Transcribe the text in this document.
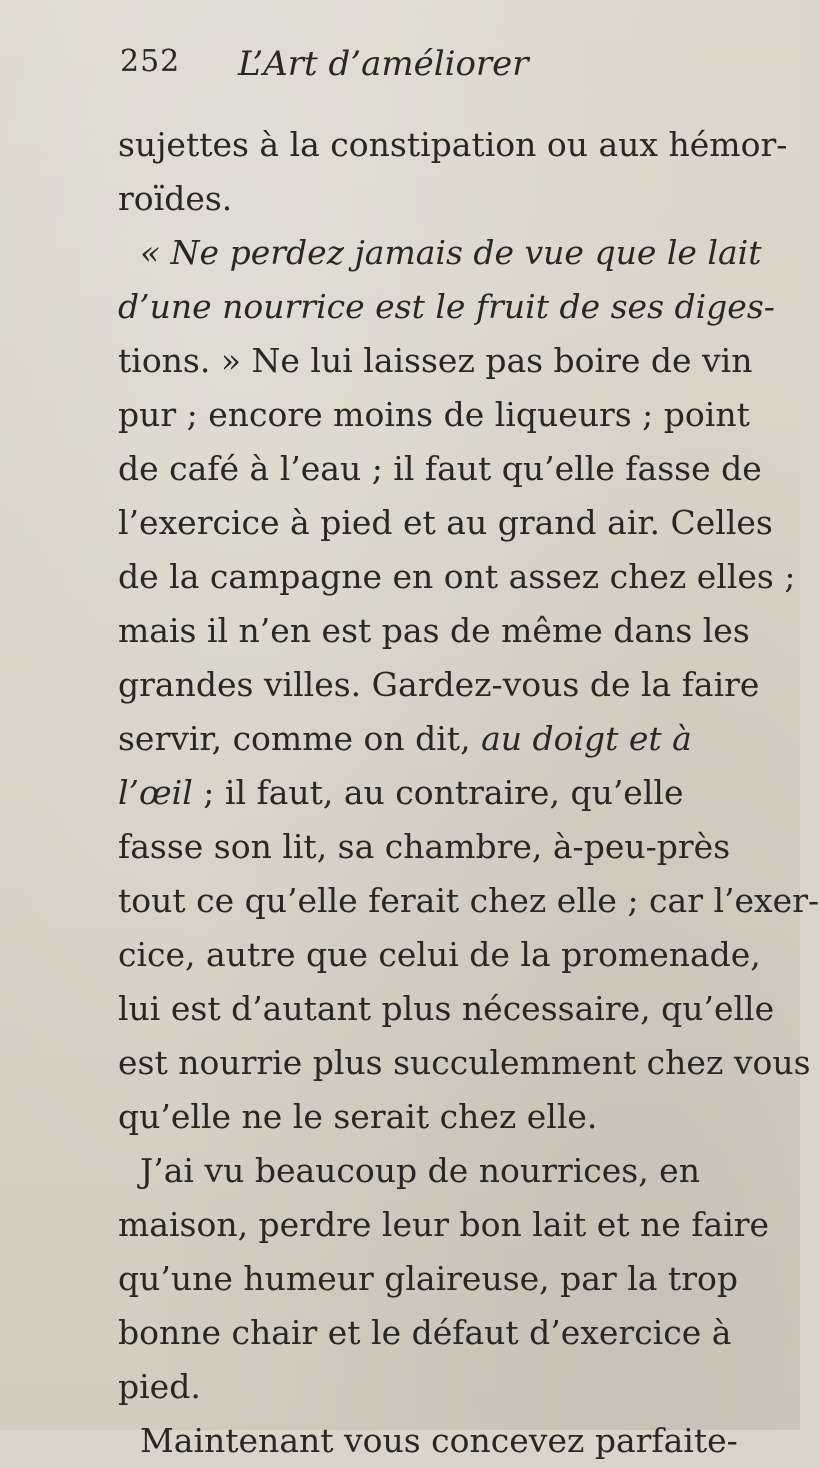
252 L’Art d’améliorer
sujettes à la constipation ou aux hémor-
roïdes.
« Ne perdez jamais de vue que le lait
d’une nourrice est le fruit de ses diges-
tions. » Ne lui laissez pas boire de vin
pur ; encore moins de liqueurs ; point
de café à l’eau ; il faut qu’elle fasse de
l’exercice à pied et au grand air. Celles
de la campagne en ont assez chez elles ;
mais il n’en est pas de même dans les
grandes villes. Gardez-vous de la faire
servir, comme on dit, au doigt et à
l’œil ; il faut, au contraire, qu’elle
fasse son lit, sa chambre, à-peu-près
tout ce qu’elle ferait chez elle ; car l’exer-
cice, autre que celui de la promenade,
lui est d’autant plus nécessaire, qu’elle
est nourrie plus succulemment chez vous
qu’elle ne le serait chez elle.
J’ai vu beaucoup de nourrices, en
maison, perdre leur bon lait et ne faire
qu’une humeur glaireuse, par la trop
bonne chair et le défaut d’exercice à
pied.
Maintenant vous concevez parfaite-
